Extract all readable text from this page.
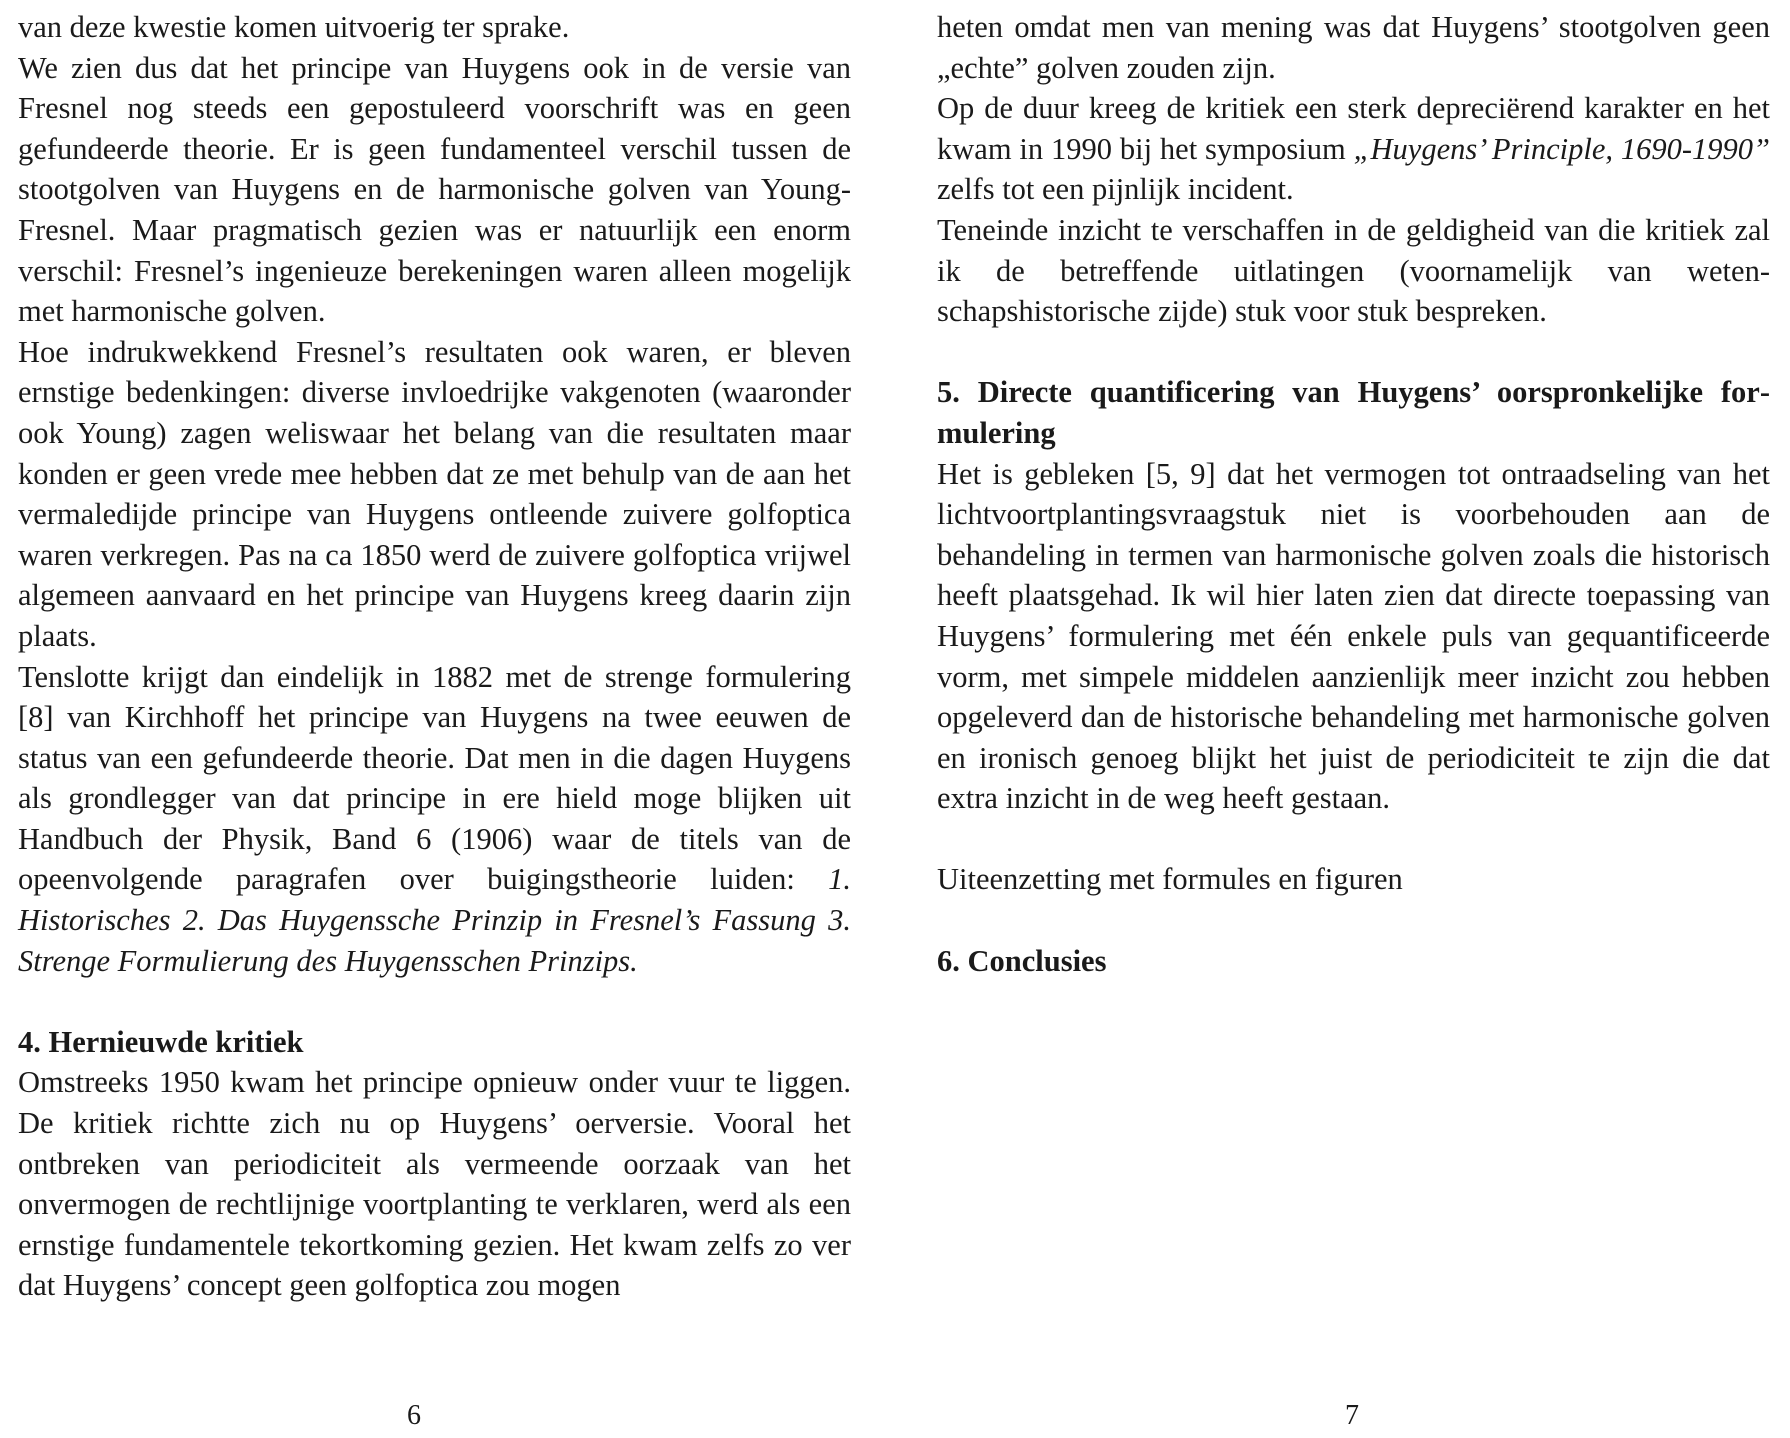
van deze kwestie komen uitvoerig ter sprake.

We zien dus dat het principe van Huygens ook in de versie van Fresnel nog steeds een gepostuleerd voorschrift was en geen gefundeerde theorie. Er is geen fundamenteel verschil tussen de stootgolven van Huygens en de harmonische golven van Young-Fresnel. Maar pragmatisch gezien was er natuurlijk een enorm verschil: Fresnel’s ingenieuze berekeningen waren alleen mogelijk met harmonische golven.

Hoe indrukwekkend Fresnel’s resultaten ook waren, er bleven ernstige bedenkingen: diverse invloedrijke vakgenoten (waaronder ook Young) zagen weliswaar het belang van die resultaten maar konden er geen vrede mee hebben dat ze met behulp van de aan het vermaledijde principe van Huygens ontleende zuivere golfoptica waren verkregen. Pas na ca 1850 werd de zuivere golfoptica vrijwel algemeen aanvaard en het principe van Huygens kreeg daarin zijn plaats.

Tenslotte krijgt dan eindelijk in 1882 met de strenge formulering [8] van Kirchhoff het principe van Huygens na twee eeuwen de status van een gefundeerde theorie. Dat men in die dagen Huygens als grondlegger van dat principe in ere hield moge blijken uit Handbuch der Physik, Band 6 (1906) waar de titels van de opeenvolgende paragrafen over buigingstheorie luiden: 1. Historisches 2. Das Huygenssche Prinzip in Fresnel’s Fassung 3. Strenge Formulierung des Huygensschen Prinzips.

4. Hernieuwde kritiek

Omstreeks 1950 kwam het principe opnieuw onder vuur te liggen. De kritiek richtte zich nu op Huygens’ oerversie. Vooral het ontbreken van periodiciteit als vermeende oorzaak van het onvermogen de rechtlijnige voortplanting te verklaren, werd als een ernstige fundamentele tekortkoming gezien. Het kwam zelfs zo ver dat Huygens’ concept geen golfoptica zou mogen

6

heten omdat men van mening was dat Huygens’ stootgolven geen „echte” golven zouden zijn.

Op de duur kreeg de kritiek een sterk depreciërend karakter en het kwam in 1990 bij het symposium „Huygens’ Principle, 1690-1990” zelfs tot een pijnlijk incident.

Teneinde inzicht te verschaffen in de geldigheid van die kritiek zal ik de betreffende uitlatingen (voornamelijk van wetenschapshistorische zijde) stuk voor stuk bespreken.

5. Directe quantificering van Huygens’ oorspronkelijke formulering

Het is gebleken [5, 9] dat het vermogen tot ontraadseling van het lichtvoortplantingsvraagstuk niet is voorbehouden aan de behandeling in termen van harmonische golven zoals die historisch heeft plaatsgehad. Ik wil hier laten zien dat directe toepassing van Huygens’ formulering met één enkele puls van gequantificeerde vorm, met simpele middelen aanzienlijk meer inzicht zou hebben opgeleverd dan de historische behandeling met harmonische golven en ironisch genoeg blijkt het juist de periodiciteit te zijn die dat extra inzicht in de weg heeft gestaan.

Uiteenzetting met formules en figuren

6. Conclusies
7
